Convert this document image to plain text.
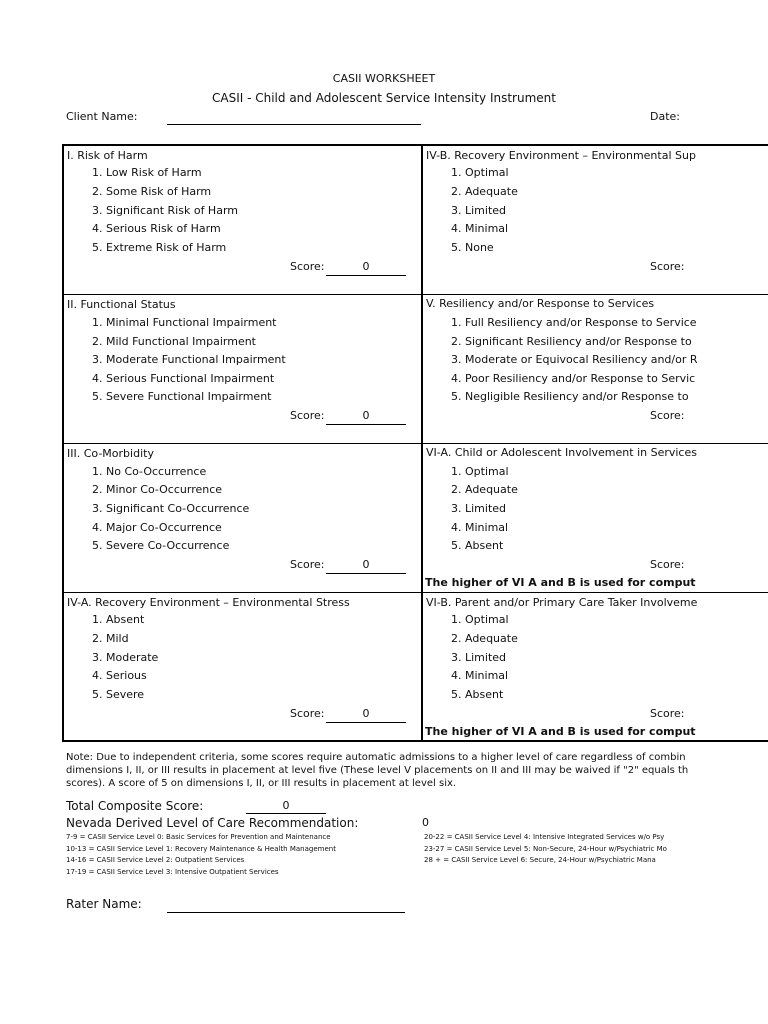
CASII WORKSHEET
CASII - Child and Adolescent Service Intensity Instrument
Client Name:	Date:
I. Risk of Harm
1. Low Risk of Harm
2. Some Risk of Harm
3. Significant Risk of Harm
4. Serious Risk of Harm
5. Extreme Risk of Harm
Score:	0
II. Functional Status
1. Minimal Functional Impairment
2. Mild Functional Impairment
3. Moderate Functional Impairment
4. Serious Functional Impairment
5. Severe Functional Impairment
Score:	0
III. Co-Morbidity
1. No Co-Occurrence
2. Minor Co-Occurrence
3. Significant Co-Occurrence
4. Major Co-Occurrence
5. Severe Co-Occurrence
Score:	0
IV-A. Recovery Environment – Environmental Stress
1. Absent
2. Mild
3. Moderate
4. Serious
5. Severe
Score:	0
IV-B. Recovery Environment – Environmental Sup
1. Optimal
2. Adequate
3. Limited
4. Minimal
5. None
Score:
V. Resiliency and/or Response to Services
1. Full Resiliency and/or Response to Service
2. Significant Resiliency and/or Response to
3. Moderate or Equivocal Resiliency and/or R
4. Poor Resiliency and/or Response to Servic
5. Negligible Resiliency and/or Response to
Score:
VI-A. Child or Adolescent Involvement in Services
1. Optimal
2. Adequate
3. Limited
4. Minimal
5. Absent
Score:
The higher of VI A and B is used for comput
VI-B. Parent and/or Primary Care Taker Involveme
1. Optimal
2. Adequate
3. Limited
4. Minimal
5. Absent
Score:
The higher of VI A and B is used for comput
Note: Due to independent criteria, some scores require automatic admissions to a higher level of care regardless of combin
dimensions I, II, or III results in placement at level five (These level V placements on II and III may be waived if "2" equals th
scores). A score of 5 on dimensions I, II, or III results in placement at level six.
Total Composite Score:	0
Nevada Derived Level of Care Recommendation:	0
7-9 = CASII Service Level 0: Basic Services for Prevention and Maintenance
10-13 = CASII Service Level 1: Recovery Maintenance & Health Management
14-16 = CASII Service Level 2: Outpatient Services
17-19 = CASII Service Level 3: Intensive Outpatient Services
20-22 = CASII Service Level 4: Intensive Integrated Services w/o Psy
23-27 = CASII Service Level 5: Non-Secure, 24-Hour w/Psychiatric Mo
28 + = CASII Service Level 6: Secure, 24-Hour w/Psychiatric Mana
Rater Name:
